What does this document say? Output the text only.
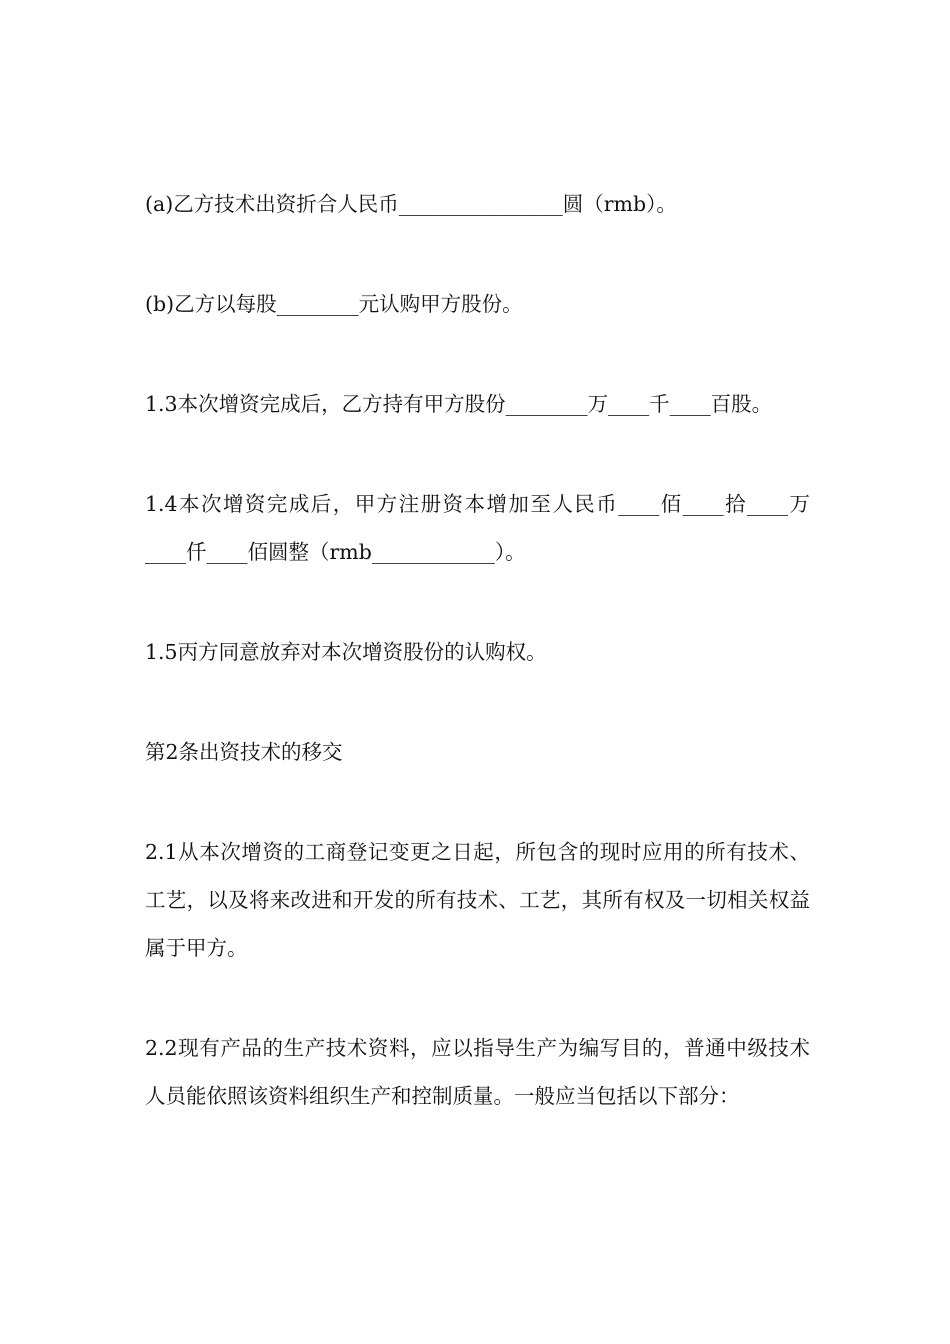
(a)乙方技术出资折合人民币________________圆（rmb）。

(b)乙方以每股________元认购甲方股份。

1.3本次增资完成后，乙方持有甲方股份________万____千____百股。

1.4本次增资完成后，甲方注册资本增加至人民币____佰____拾____万____仟____佰圆整（rmb____________）。

1.5丙方同意放弃对本次增资股份的认购权。

第2条出资技术的移交

2.1从本次增资的工商登记变更之日起，所包含的现时应用的所有技术、工艺，以及将来改进和开发的所有技术、工艺，其所有权及一切相关权益属于甲方。

2.2现有产品的生产技术资料，应以指导生产为编写目的，普通中级技术人员能依照该资料组织生产和控制质量。一般应当包括以下部分：
